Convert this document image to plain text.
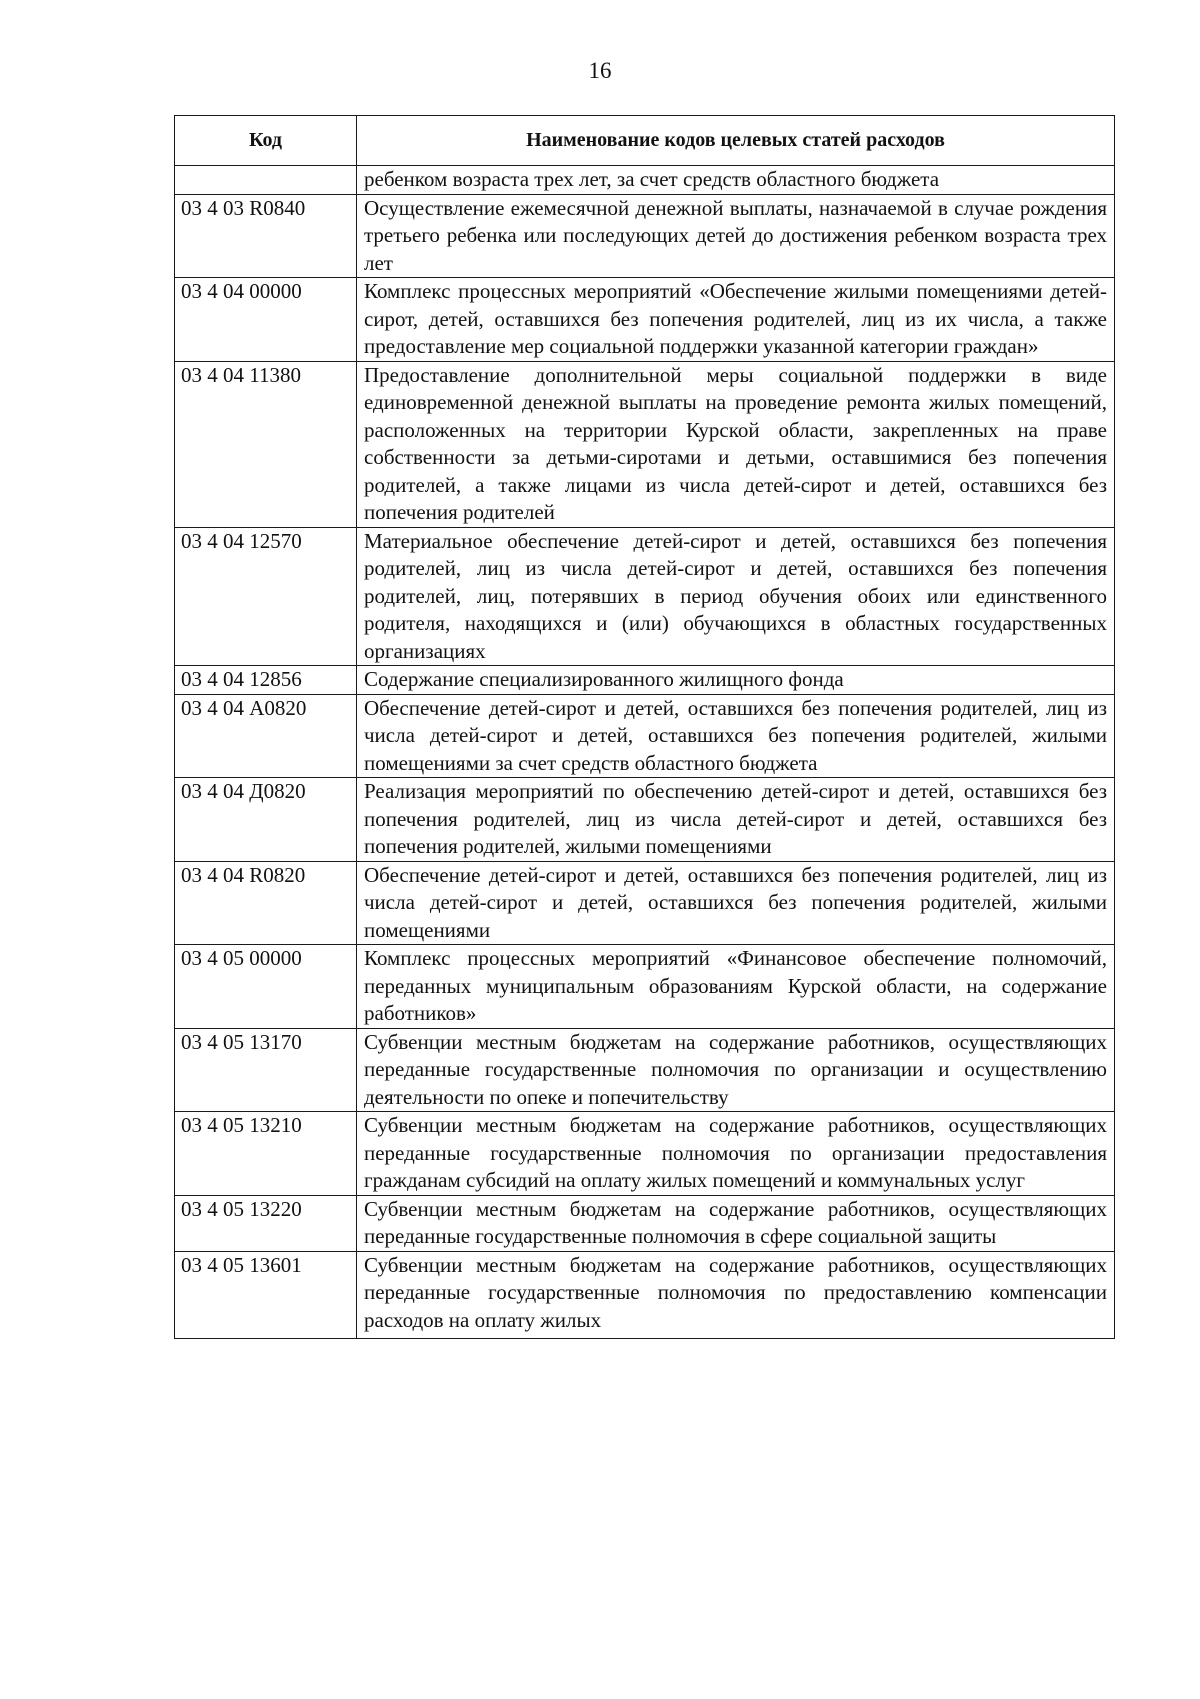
16
Код	Наименование кодов целевых статей расходов
	ребенком возраста трех лет, за счет средств областного бюджета
03 4 03 R0840	Осуществление ежемесячной денежной выплаты, назначаемой в случае рождения третьего ребенка или последующих детей до достижения ребенком возраста трех лет
03 4 04 00000	Комплекс процессных мероприятий «Обеспечение жилыми помещениями детей-сирот, детей, оставшихся без попечения родителей, лиц из их числа, а также предоставление мер социальной поддержки указанной категории граждан»
03 4 04 11380	Предоставление дополнительной меры социальной поддержки в виде единовременной денежной выплаты на проведение ремонта жилых помещений, расположенных на территории Курской области, закрепленных на праве собственности за детьми-сиротами и детьми, оставшимися без попечения родителей, а также лицами из числа детей-сирот и детей, оставшихся без попечения родителей
03 4 04 12570	Материальное обеспечение детей-сирот и детей, оставшихся без попечения родителей, лиц из числа детей-сирот и детей, оставшихся без попечения родителей, лиц, потерявших в период обучения обоих или единственного родителя, находящихся и (или) обучающихся в областных государственных организациях
03 4 04 12856	Содержание специализированного жилищного фонда
03 4 04 А0820	Обеспечение детей-сирот и детей, оставшихся без попечения родителей, лиц из числа детей-сирот и детей, оставшихся без попечения родителей, жилыми помещениями за счет средств областного бюджета
03 4 04 Д0820	Реализация мероприятий по обеспечению детей-сирот и детей, оставшихся без попечения родителей, лиц из числа детей-сирот и детей, оставшихся без попечения родителей, жилыми помещениями
03 4 04 R0820	Обеспечение детей-сирот и детей, оставшихся без попечения родителей, лиц из числа детей-сирот и детей, оставшихся без попечения родителей, жилыми помещениями
03 4 05 00000	Комплекс процессных мероприятий «Финансовое обеспечение полномочий, переданных муниципальным образованиям Курской области, на содержание работников»
03 4 05 13170	Субвенции местным бюджетам на содержание работников, осуществляющих переданные государственные полномочия по организации и осуществлению деятельности по опеке и попечительству
03 4 05 13210	Субвенции местным бюджетам на содержание работников, осуществляющих переданные государственные полномочия по организации предоставления гражданам субсидий на оплату жилых помещений и коммунальных услуг
03 4 05 13220	Субвенции местным бюджетам на содержание работников, осуществляющих переданные государственные полномочия в сфере социальной защиты
03 4 05 13601	Субвенции местным бюджетам на содержание работников, осуществляющих переданные государственные полномочия по предоставлению компенсации расходов на оплату жилых
